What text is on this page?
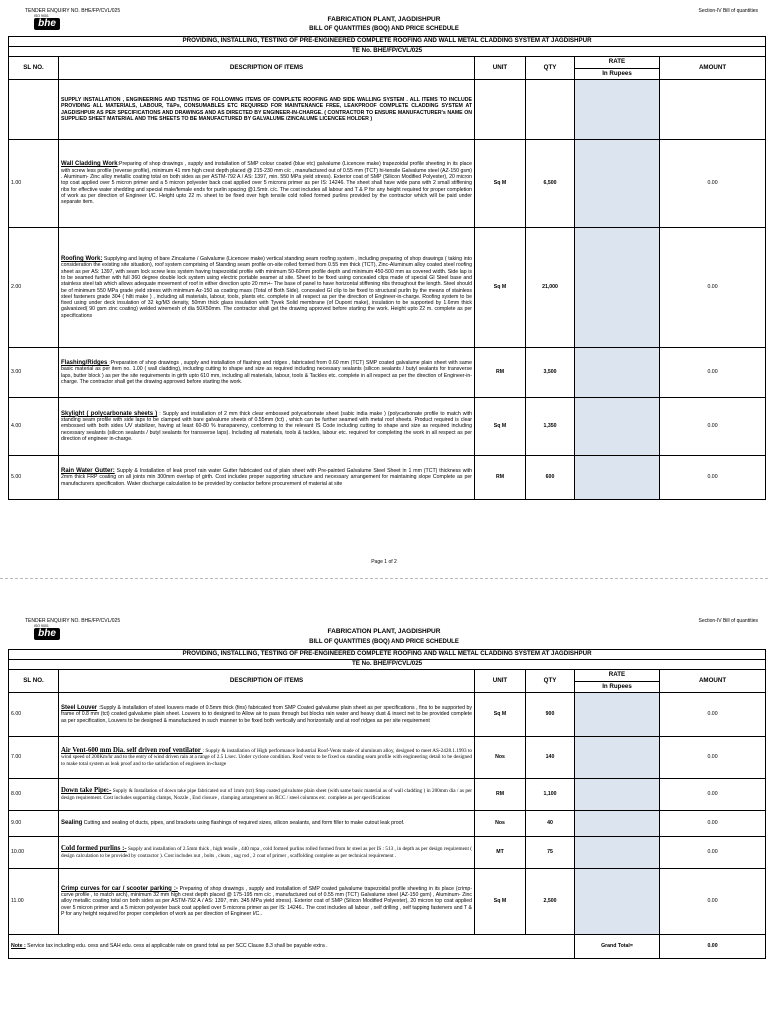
TENDER ENQUIRY NO. BHE/FP/CVL/025	Section-IV Bill of quantities
ISO 9001
bhe	FABRICATION PLANT, JAGDISHPUR
BILL OF QUANTITIES (BOQ) AND PRICE SCHEDULE
PROVIDING, INSTALLING, TESTING OF PRE-ENGINEERED COMPLETE ROOFING AND WALL METAL CLADDING SYSTEM AT JAGDISHPUR					
TE No. BHE/FP/CVL/025					
SL NO.	DESCRIPTION OF ITEMS	UNIT	QTY	RATE	AMOUNT
				In Rupees	
	SUPPLY INSTALLATION , ENGINEERING AND TESTING OF FOLLOWING ITEMS OF COMPLETE ROOFING AND SIDE WALLING SYSTEM . ALL ITEMS TO INCLUDE PROVIDING ALL MATERIALS, LABOUR, T&Ps, CONSUMABLES ETC REQUIRED FOR MAINTENANCE FREE, LEAKPROOF COMPLETE CLADDING SYSTEM AT JAGDISHPUR AS PER SPECIFICATIONS AND DRAWINGS AND AS DIRECTED BY ENGINEER-IN-CHARGE. ( CONTRACTOR TO ENSURE MANUFACTURER's NAME ON SUPPLIED SHEET MATERIAL AND THE SHEETS TO BE MANUFACTURED BY GALVALUME /ZINCALUME LICENCEE HOLDER )				
1.00	Wall Cladding Work:Preparing of shop drawings , supply and installation of SMP colour coated (blue etc) galvalume (Licencee make) trapezoidal profile sheeting in its place with screw less profile (reverse profile), minimum 41 mm high crest depth placed @ 215-230 mm c/c , manufactured out of 0.55 mm (TCT) hi-tensile Galvalume steel (AZ-150 gsm) . Aluminum- Zinc alloy metallic coating total on both sides as per ASTM-792 A / AS: 1397, min. 550 MPa yield stress). Exterior coat of SMP (Silicon Modified Polyester), 20 micron top coat applied over 5 micron primer and a 5 micron polyester back coat applied over 5 microns primer as per IS: 14246. The sheet shall have wide pans with 2 small stiffening ribs for effective water shedding and special male/female ends for purlin spacing @1.5mtr. c/c. The cost includes all labour and T & P for any height required for proper completion of work as per direction of Engineer I/C. Height upto 22 m. sheet to be fixed over high tensile cold rolled formed purlins provided by the contractor which will be paid under separate item.	Sq M	6,500		0.00
2.00	Roofing Work: Supplying and laying of bare Zincalume / Galvalume (Licencee make) vertical standing seam roofing system , including preparing of shop drawings ( taking into consideration the existing site situation), roof system comprising of Standing seam profile on-site rolled formed from 0.55 mm thick (TCT), Zinc-Aluminum alloy coated steel roofing sheet as per AS: 1397, with seam lock screw less system having trapezoidal profile with minimum 50-60mm profile depth and minimum 450-500 mm as covered width. Side lap is to be seamed further with full 360 degree double lock system using electric portable seamer at site. Sheet to be fixed using concealed clips made of special GI Steel base and stainless steel tab which allows adequate movement of roof in either direction upto 20 mm+- The base of panel to have horizontal stiffening ribs throughout the length. Steel should be of minimum 550 MPa grade yield stress with minimum Az-150 as coating mass (Total of Both Side). concealed GI clip to be fixed to structural purlin by the means of stainless steel fasteners grade 304 ( hilti make ) , including all materials, labour, tools, plants etc. complete in all respect as per the direction of Engineer-in-charge. Roofing system to be fixed using under deck insulation of 32 kg/M3 density, 50mm thick glass insulation with Tyvek Solid membrane (of Dupont make), insulation to be supported by 1.6mm thick galvanized( 90 gsm zinc coating) welded wiremesh of dia 50X50mm. The contractor shall get the drawing approved before starting the work. Height upto 22 m. complete as per specifications	Sq M	21,000		0.00
3.00	Flashing/Ridges :Preparation of shop drawings , supply and installation of flashing and ridges , fabricated from 0.60 mm (TCT) SMP coated galvalume plain sheet with same basic material as per item no. 1.00 ( wall cladding), including cutting to shape and size as required including necessary sealants (silicon sealants / butyl sealants for transverse laps, butter block ) as per the site requirements in girth upto 610 mm, including all materials, labour, tools & Tackles etc. complete in all respect as per the direction of Engineer-in-charge. The contractor shall get the drawing approved before starting the work.	RM	3,500		0.00
4.00	Skylight ( polycarbonate sheets ) : Supply and installation of 2 mm thick clear embossed polycarbonate sheet (sabic india make ) (polycarbonate profile to match with standing seam profile with side laps to be clamped with bare galvalume sheets of 0.55mm (tct) , which can be further seamed with metal roof sheets. Product required is clear embossed with both sides UV stabilizer, having at least 60-80 % transparency, conforming to the relevant IS Code including cutting to shape and size as required including necessary sealants (silicon sealants / butyl sealants for transverse laps). Including all materials, tools & tackles, labour etc. required for completing the work in all respect as per direction of engineer in-charge.	Sq M	1,350		0.00
5.00	Rain Water Gutter: Supply & Installation of leak proof rain water Gutter fabricated out of plain sheet with Pre-painted Galvalume Steel Sheet in 1 mm (TCT) thickness with 2mm thick FRP coating on all joints min 300mm overlap of girth. Cost includes proper supporting structure and necessary arrangement for maintaining slope Complete as per manufacturers specification. Water discharge calculation to be provided by contactor before procurement of material at site	RM	600		0.00
Page 1 of 2
TENDER ENQUIRY NO. BHE/FP/CVL/025	Section-IV Bill of quantities
ISO 9001
bhe	FABRICATION PLANT, JAGDISHPUR
BILL OF QUANTITIES (BOQ) AND PRICE SCHEDULE
PROVIDING, INSTALLING, TESTING OF PRE-ENGINEERED COMPLETE ROOFING AND WALL METAL CLADDING SYSTEM AT JAGDISHPUR					
TE No. BHE/FP/CVL/025					
SL NO.	DESCRIPTION OF ITEMS	UNIT	QTY	RATE	AMOUNT
				In Rupees	
6.00	Steel Louver :Supply & installation of steel louvers made of 0.5mm thick (fins) fabricated from SMP Coated galvalume plain sheet as per specifications , fins to be supported by frame of 0.8 mm (tct) coated galvalume plain sheet. Louvers to to designed to Allow air to pass through but blocks rain water and heavy dust & insect net to be provided complete as per specification, Louvers to be designed & manufactured in such manner to be fixed both vertically and horizontally and at roof ridges as per site requirement	Sq M	900		0.00
7.00	Air Vent-600 mm Dia. self driven roof ventilator : Supply & installation of High performance Industrial Roof-Vents made of aluminum alloy, designed to meet AS-2428.1.1993 to wind speed of 200Km/hr and to the entry of wind driven rain at a range of 2.5 L/sec. Under cyclone condition. Roof vents to be fixed on standing seam profile with engineering detail to be designed to make total system as leak proof and to the satisfaction of engineers in-charge	Nos	140		0.00
8.00	Down take Pipe:- Supply & Installation of down take pipe fabricated out of 1mm (tct) Smp coated galvalume plain sheet (with same basic material as of wall cladding ) in 200mm dia / as per design requirement. Cost includes supporting clamps, Nozzle , End closure , clamping arrangement on RCC / steel columns etc. complete as per specifications	RM	1,100		0.00
9.00	Sealing Cutting and sealing of ducts, pipes, and brackets using flashings of required sizes, silicon sealants, and form filler to make cutout leak proof.	Nos	40		0.00
10.00	Cold formed purlins :- Supply and installation of 2.5mm thick , high tensile , 440 mpa , cold formed purlins rolled formed from hr steel as per IS : 513 , in depth as per design requirement ( design calculation to be provided by contractor ). Cost includes nut , bolts , cleats , sag rod , 2 coat of primer , scaffolding complete as per technical requirement .	MT	75		0.00
11.00	Crimp curves for car / scooter parking :- Preparing of shop drawings , supply and installation of SMP coated galvalume trapezoidal profile sheeting in its place (crimp- curve profile , to match arch), minimum 32 mm high crest depth placed @ 175-195 mm c/c , manufactured out of 0.55 mm (TCT) Galvalume steel (AZ-150 gsm) , Aluminum- Zinc alloy metallic coating total on both sides as per ASTM-792 A / AS: 1397, min. 345 MPa yield stress). Exterior coat of SMP (Silicon Modified Polyester), 20 micron top coat applied over 5 micron primer and a 5 micron polyester back coat applied over 5 microns primer as per IS: 14246.. The cost includes all labour , self drilling , self tapping fasteners and T & P for any height required for proper completion of work as per direction of Engineer I/C..	Sq M	2,500		0.00
Note : Service tax including edu. cess and SAH edu. cess at applicable rate on grand total as per SCC Clause 8.3 shall be payable extra .				Grand Total=	0.00
